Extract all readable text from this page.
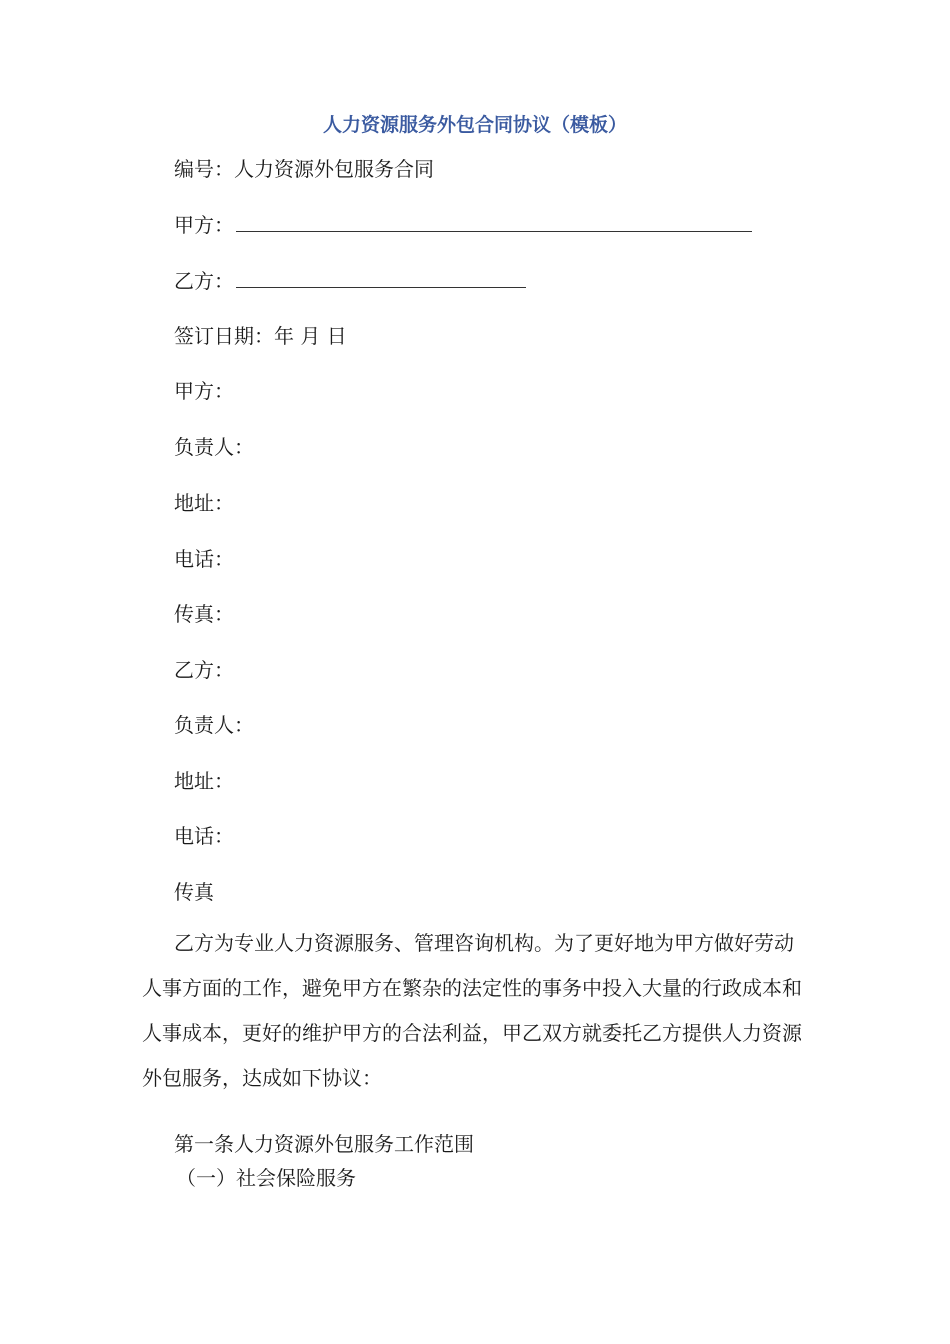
人力资源服务外包合同协议（模板）
编号：人力资源外包服务合同
甲方：
乙方：
签订日期：年 月 日
甲方：
负责人：
地址：
电话：
传真：
乙方：
负责人：
地址：
电话：
传真
乙方为专业人力资源服务、管理咨询机构。为了更好地为甲方做好劳动人事方面的工作，避免甲方在繁杂的法定性的事务中投入大量的行政成本和人事成本，更好的维护甲方的合法利益，甲乙双方就委托乙方提供人力资源外包服务，达成如下协议：
第一条人力资源外包服务工作范围
（一）社会保险服务
